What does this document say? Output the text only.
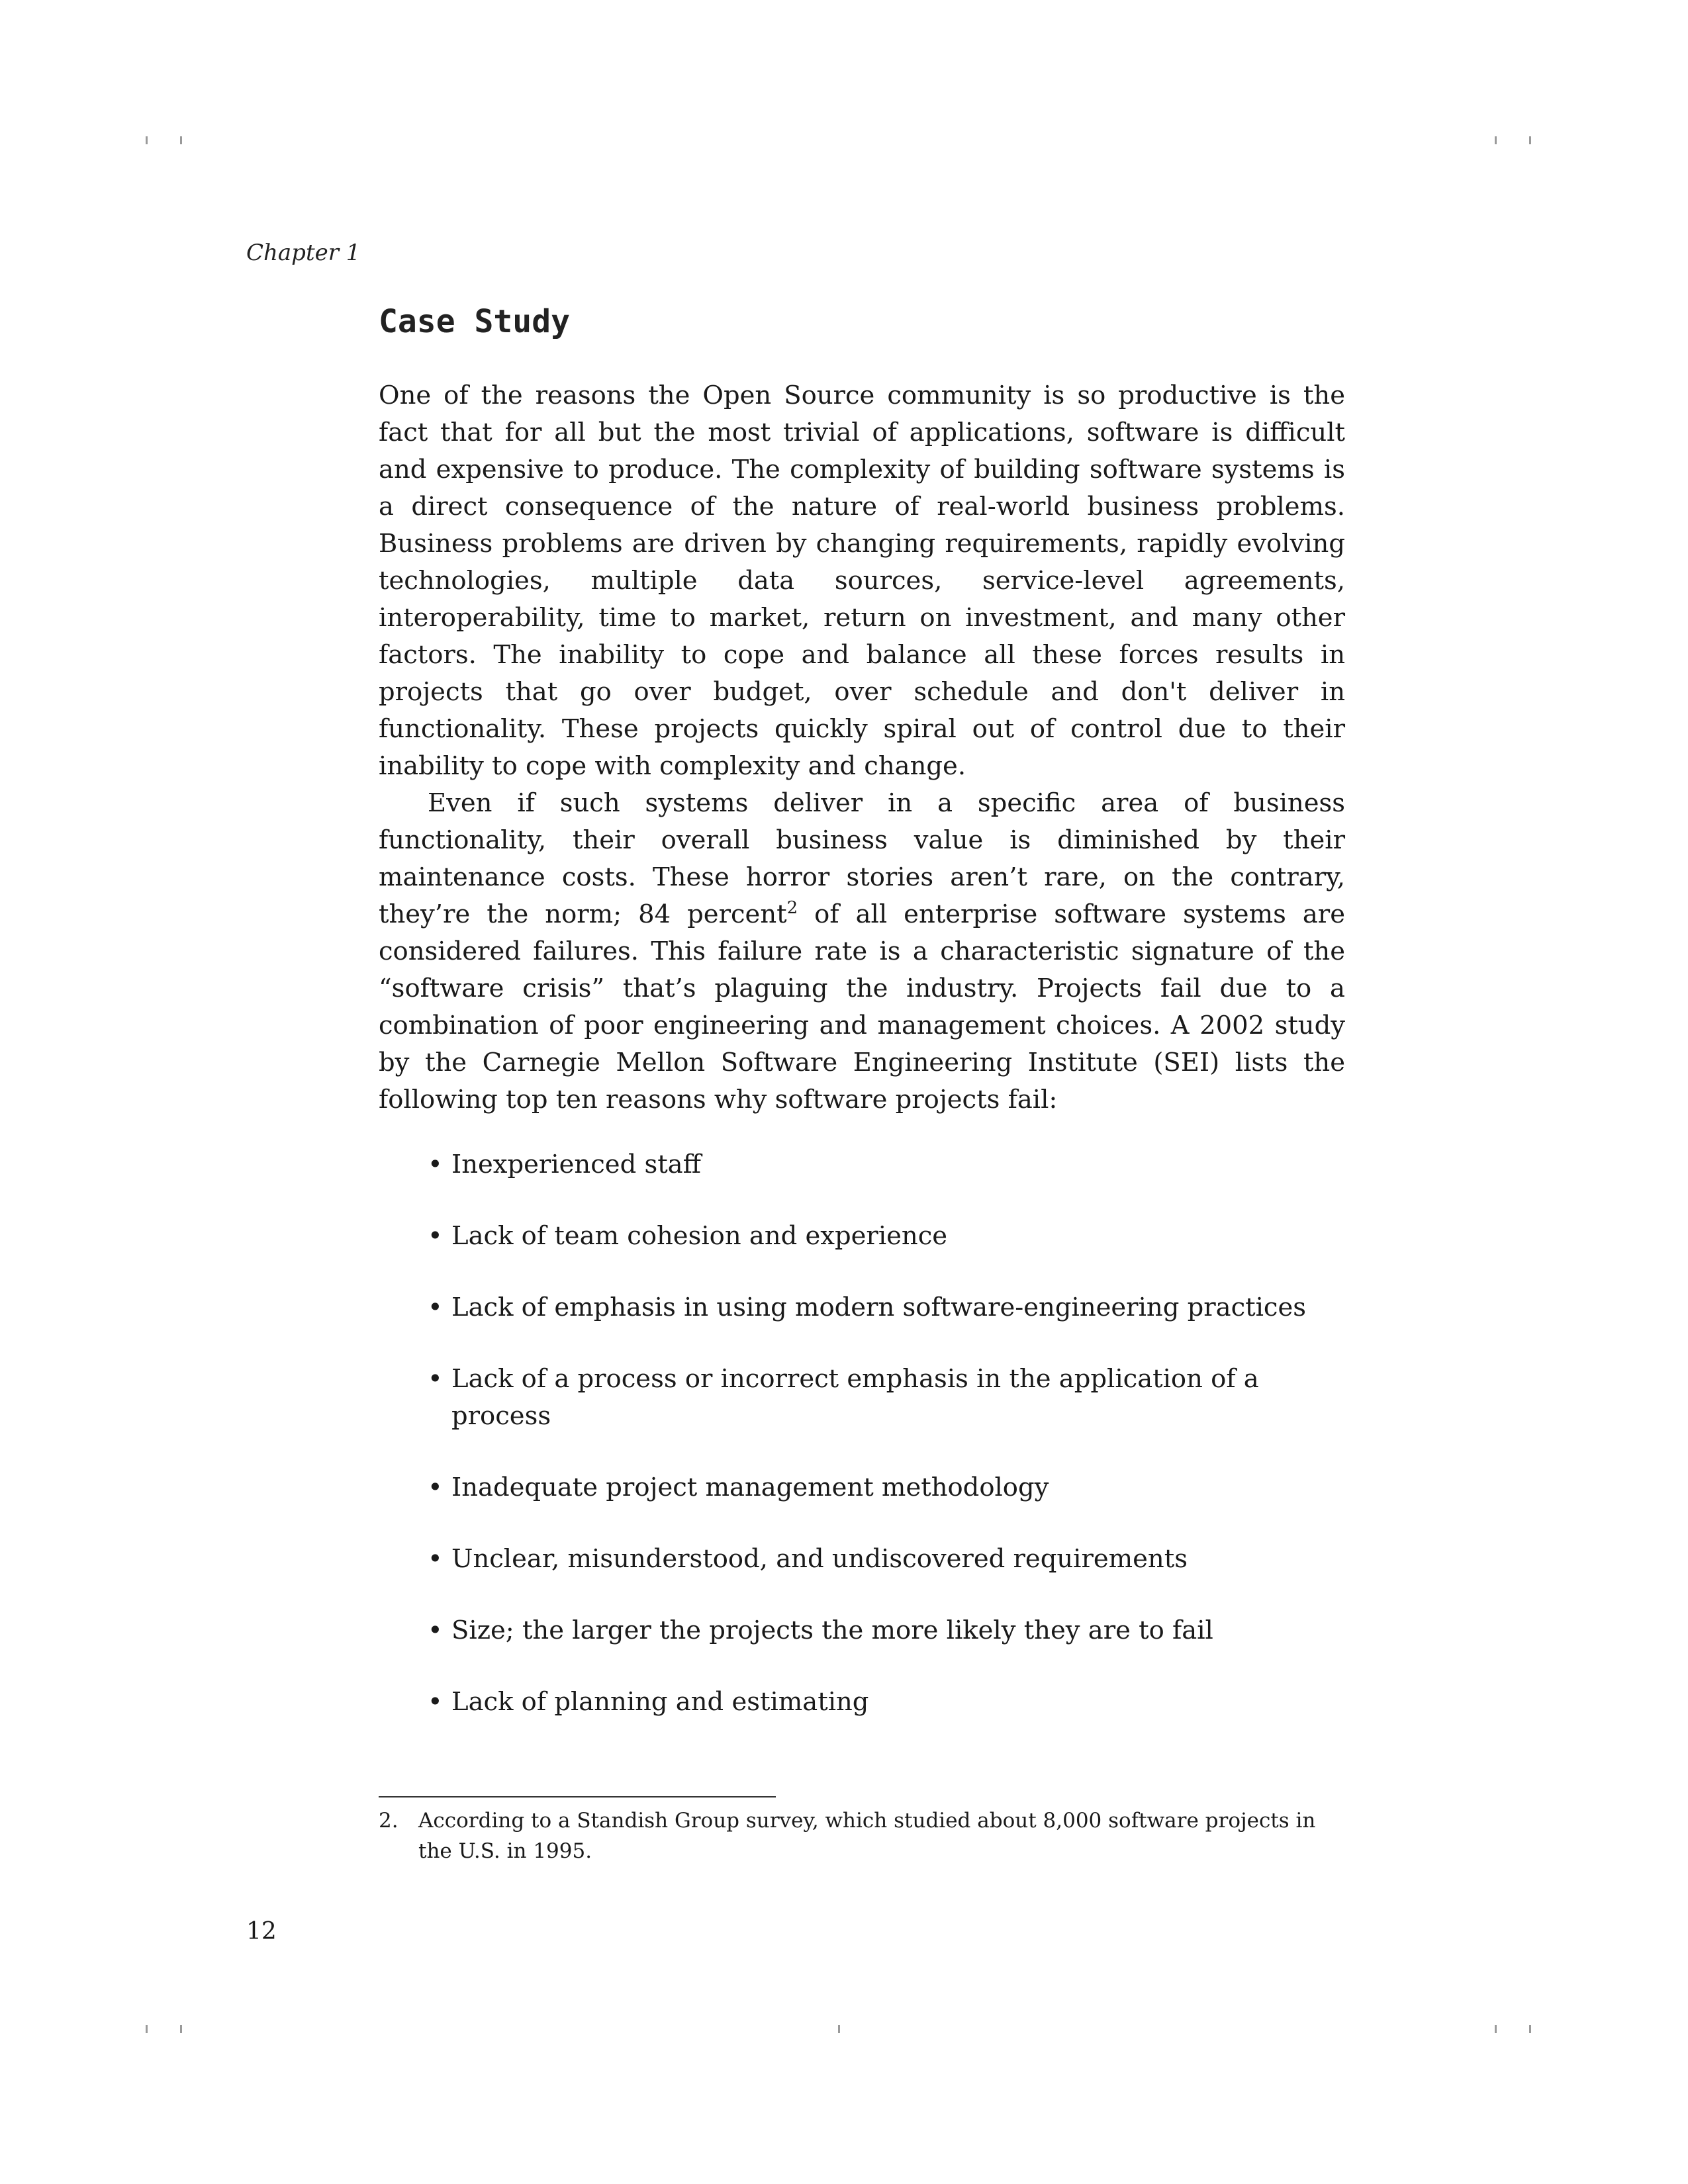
Chapter 1
Case Study

One of the reasons the Open Source community is so productive is the fact that for all but the most trivial of applications, software is difficult and expensive to produce. The complexity of building software systems is a direct consequence of the nature of real-world business problems. Business problems are driven by changing requirements, rapidly evolving technologies, multiple data sources, service-level agreements, interoperability, time to market, return on investment, and many other factors. The inability to cope and balance all these forces results in projects that go over budget, over schedule and don't deliver in functionality. These projects quickly spiral out of control due to their inability to cope with complexity and change.

Even if such systems deliver in a specific area of business functionality, their overall business value is diminished by their maintenance costs. These horror stories aren’t rare, on the contrary, they’re the norm; 84 percent$^2$ of all enterprise software systems are considered failures. This failure rate is a characteristic signature of the “software crisis” that’s plaguing the industry. Projects fail due to a combination of poor engineering and management choices. A 2002 study by the Carnegie Mellon Software Engineering Institute (SEI) lists the following top ten reasons why software projects fail:

• Inexperienced staff
• Lack of team cohesion and experience
• Lack of emphasis in using modern software-engineering practices
• Lack of a process or incorrect emphasis in the application of a process
• Inadequate project management methodology
• Unclear, misunderstood, and undiscovered requirements
• Size; the larger the projects the more likely they are to fail
• Lack of planning and estimating
2. According to a Standish Group survey, which studied about 8,000 software projects in the U.S. in 1995.
12
